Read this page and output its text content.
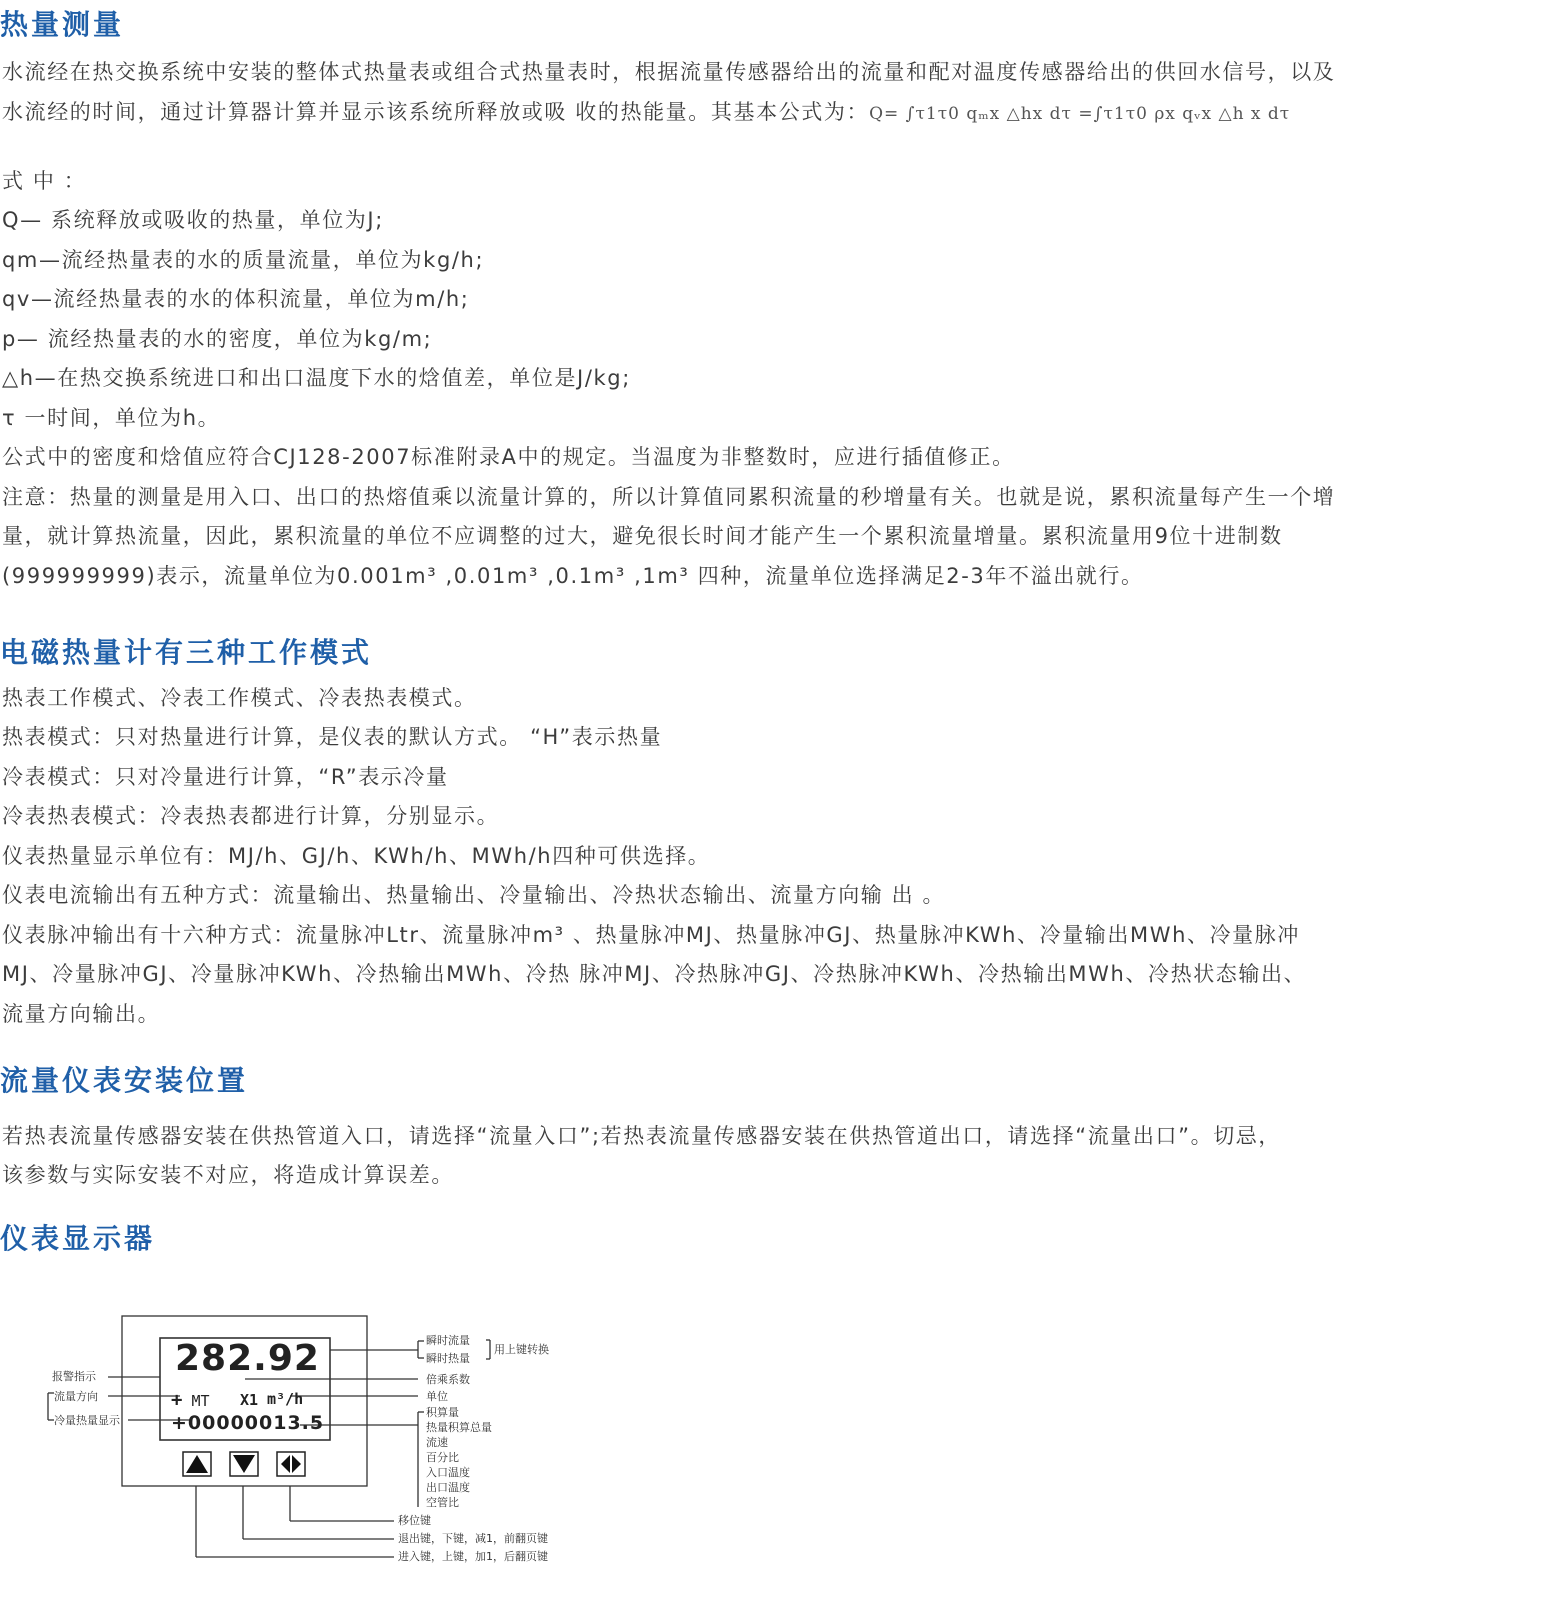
热量测量
水流经在热交换系统中安装的整体式热量表或组合式热量表时，根据流量传感器给出的流量和配对温度传感器给出的供回水信号，以及
水流经的时间，通过计算器计算并显示该系统所释放或吸 收的热能量。其基本公式为：Q= ∫τ1τ0 qₘx △hx dτ =∫τ1τ0 ρx qᵥx △h x dτ
式 中 ：
Q— 系统释放或吸收的热量，单位为J;
qm—流经热量表的水的质量流量，单位为kg/h;
qv—流经热量表的水的体积流量，单位为m/h;
p— 流经热量表的水的密度，单位为kg/m;
△h—在热交换系统进口和出口温度下水的焓值差，单位是J/kg;
τ 一时间，单位为h。
公式中的密度和焓值应符合CJ128-2007标准附录A中的规定。当温度为非整数时，应进行插值修正。
注意：热量的测量是用入口、出口的热熔值乘以流量计算的，所以计算值同累积流量的秒增量有关。也就是说，累积流量每产生一个增
量，就计算热流量，因此，累积流量的单位不应调整的过大，避免很长时间才能产生一个累积流量增量。累积流量用9位十进制数
(999999999)表示，流量单位为0.001m³ ,0.01m³ ,0.1m³ ,1m³ 四种，流量单位选择满足2-3年不溢出就行。
电磁热量计有三种工作模式
热表工作模式、冷表工作模式、冷表热表模式。
热表模式：只对热量进行计算，是仪表的默认方式。 “H”表示热量
冷表模式：只对冷量进行计算，“R”表示冷量
冷表热表模式：冷表热表都进行计算，分别显示。
仪表热量显示单位有：MJ/h、GJ/h、KWh/h、MWh/h四种可供选择。
仪表电流输出有五种方式：流量输出、热量输出、冷量输出、冷热状态输出、流量方向输 出 。
仪表脉冲输出有十六种方式：流量脉冲Ltr、流量脉冲m³ 、热量脉冲MJ、热量脉冲GJ、热量脉冲KWh、冷量输出MWh、冷量脉冲
MJ、冷量脉冲GJ、冷量脉冲KWh、冷热输出MWh、冷热 脉冲MJ、冷热脉冲GJ、冷热脉冲KWh、冷热输出MWh、冷热状态输出、
流量方向输出。
流量仪表安装位置
若热表流量传感器安装在供热管道入口，请选择“流量入口”;若热表流量传感器安装在供热管道出口，请选择“流量出口”。切忌，
该参数与实际安装不对应，将造成计算误差。
仪表显示器
282.92
+ MT X1 m³/h
+00000013.5
报警指示
流量方向
冷量热量显示
瞬时流量
瞬时热量
用上键转换
倍乘系数
单位
积算量
热量积算总量
流速
百分比
入口温度
出口温度
空管比
移位键
退出键，下键，减1，前翻页键
进入键，上键，加1，后翻页键
